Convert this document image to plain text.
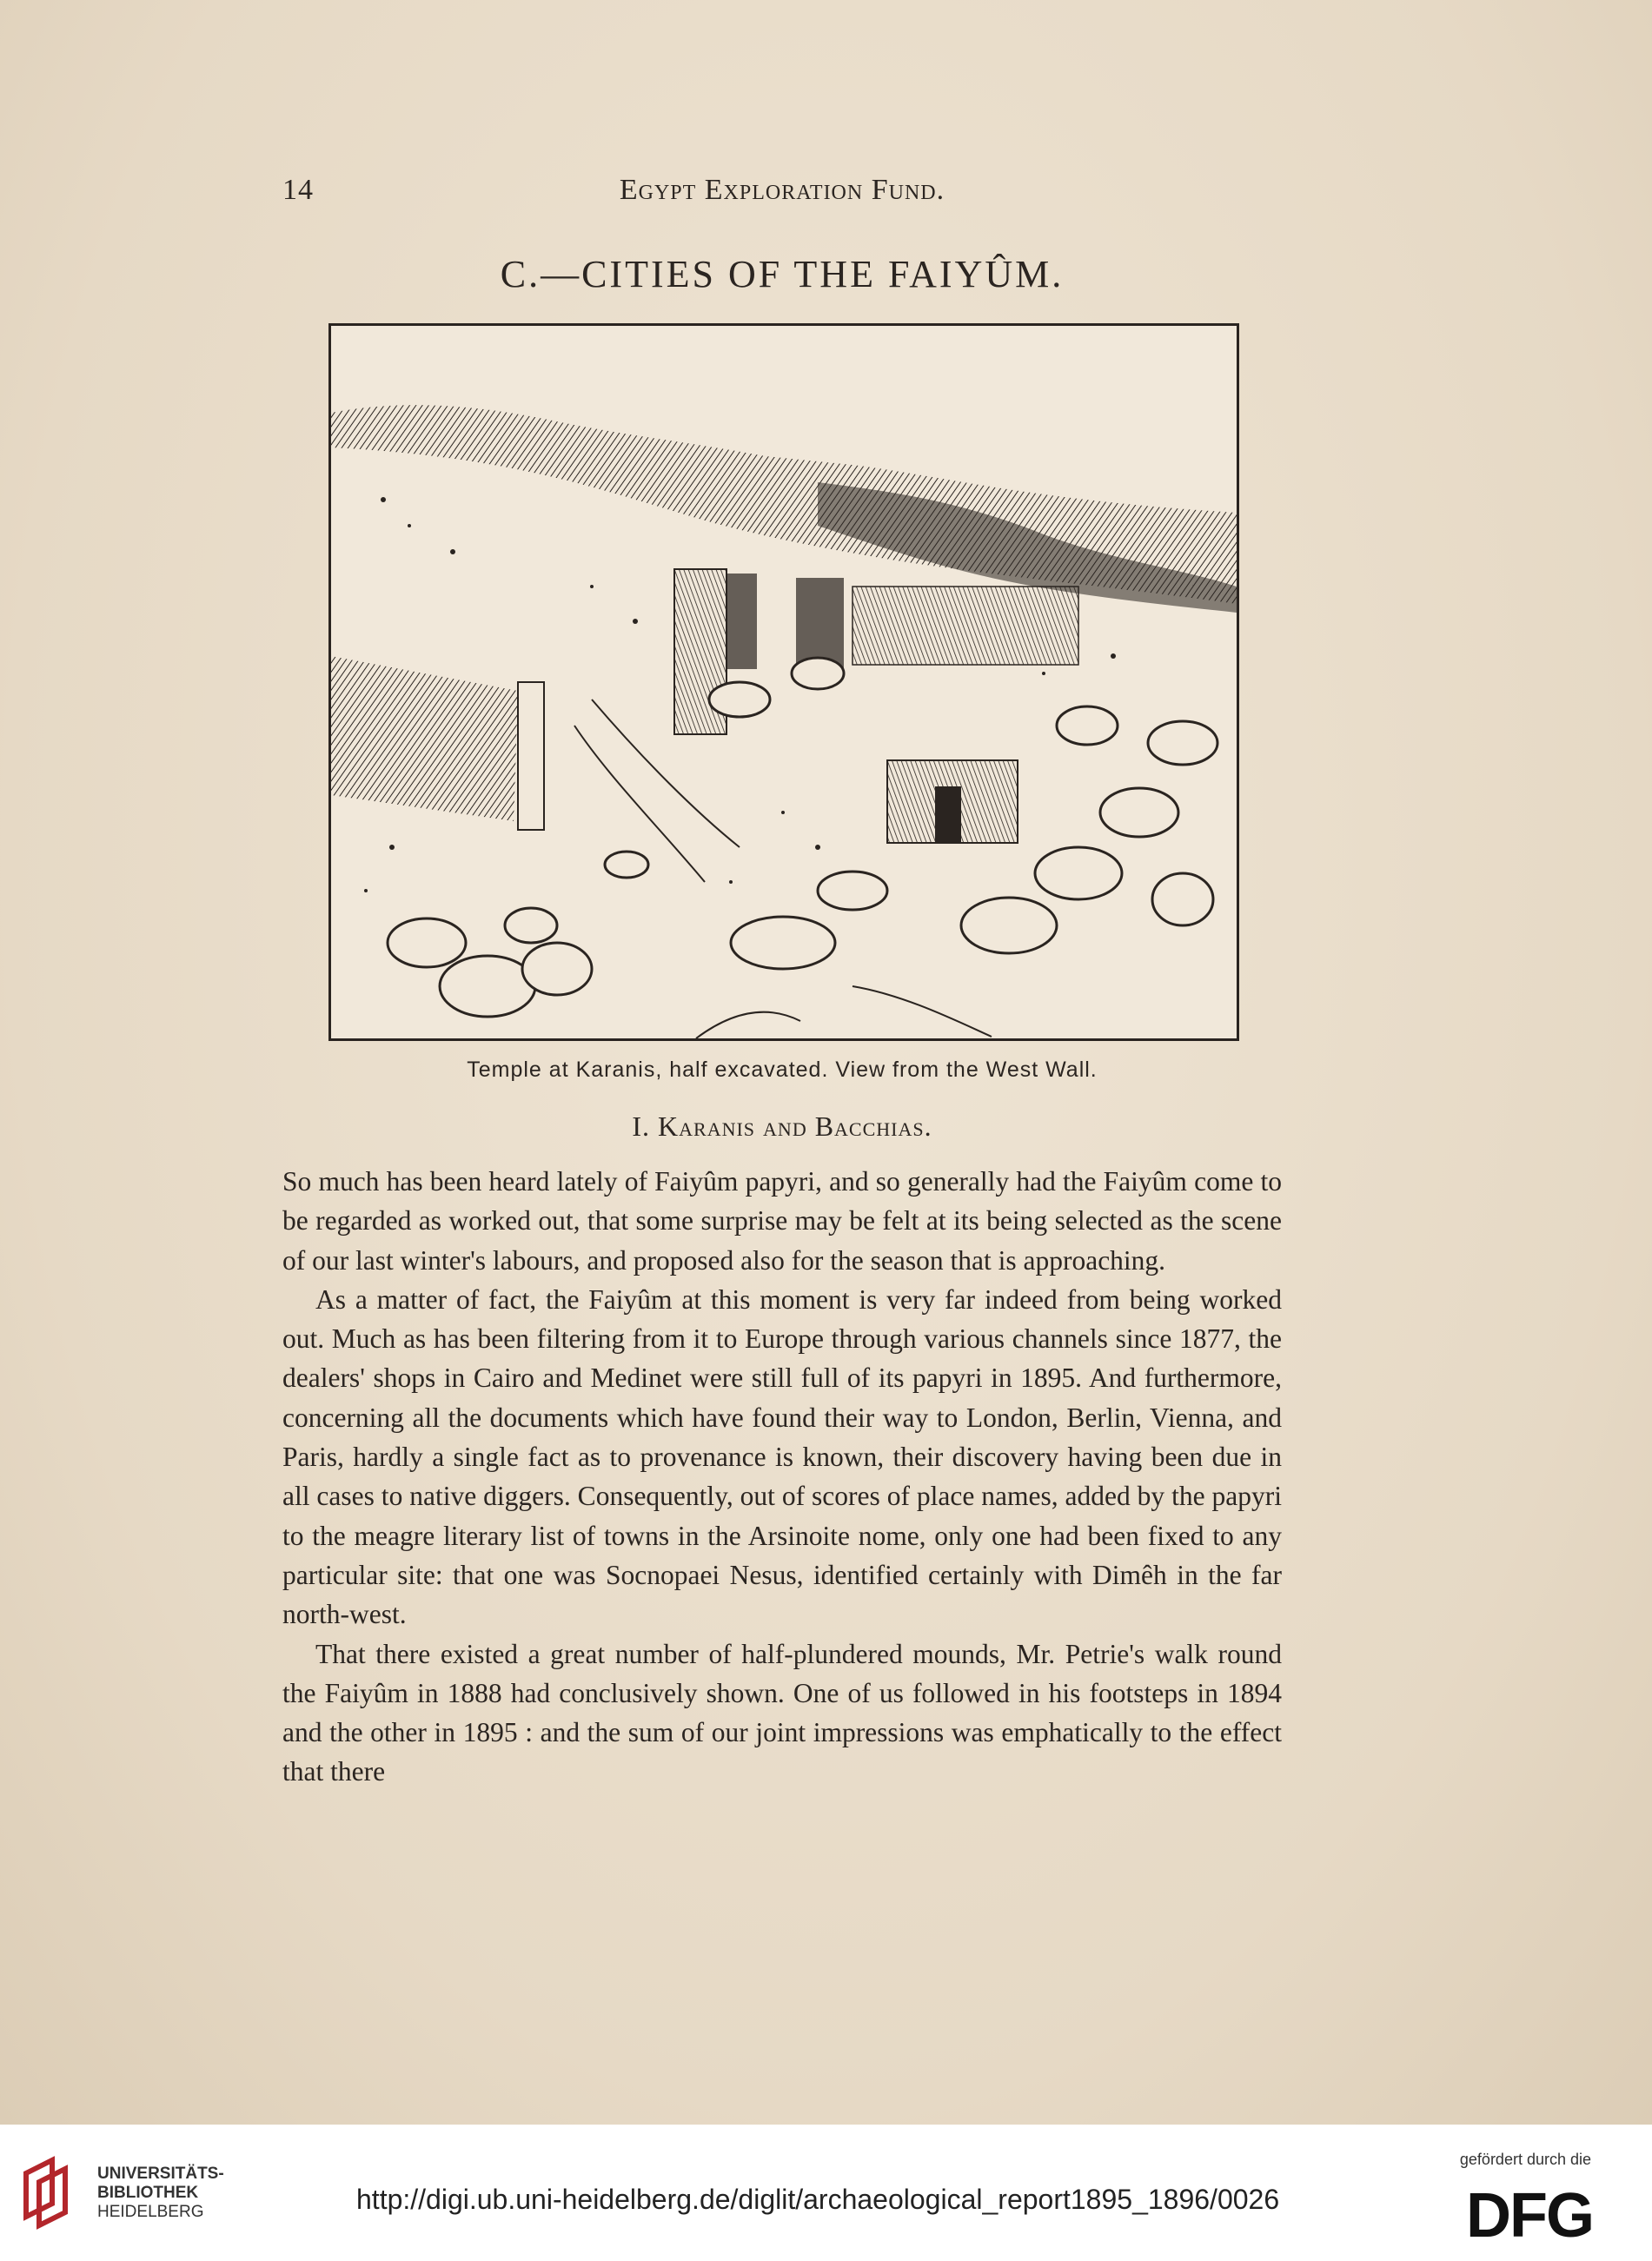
14	Egypt Exploration Fund.
C.—CITIES OF THE FAIYÛM.
Temple at Karanis, half excavated. View from the West Wall.
I. Karanis and Bacchias.

So much has been heard lately of Faiyûm papyri, and so generally had the Faiyûm come to be regarded as worked out, that some surprise may be felt at its being selected as the scene of our last winter's labours, and proposed also for the season that is approaching.

As a matter of fact, the Faiyûm at this moment is very far indeed from being worked out. Much as has been filtering from it to Europe through various channels since 1877, the dealers' shops in Cairo and Medinet were still full of its papyri in 1895. And furthermore, concerning all the documents which have found their way to London, Berlin, Vienna, and Paris, hardly a single fact as to provenance is known, their discovery having been due in all cases to native diggers. Consequently, out of scores of place names, added by the papyri to the meagre literary list of towns in the Arsinoite nome, only one had been fixed to any particular site: that one was Socnopaei Nesus, identified certainly with Dimêh in the far north-west.

That there existed a great number of half-plundered mounds, Mr. Petrie's walk round the Faiyûm in 1888 had conclusively shown. One of us followed in his footsteps in 1894 and the other in 1895 : and the sum of our joint impressions was emphatically to the effect that there

UNIVERSITÄTS-
BIBLIOTHEK
HEIDELBERG	http://digi.ub.uni-heidelberg.de/diglit/archaeological_report1895_1896/0026
gefördert durch die
DFG
